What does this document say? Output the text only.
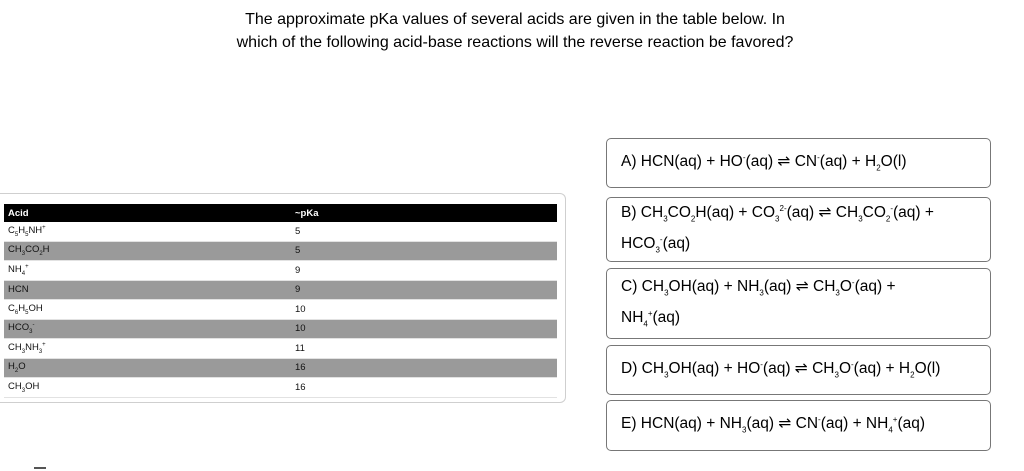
The approximate pKa values of several acids are given in the table below. In
which of the following acid-base reactions will the reverse reaction be favored?
Acid	~pKa
$C_5H_5NH^+$	5
$CH_3CO_2H$	5
$NH_4^+$	9
HCN	9
$C_6H_5OH$	10
$HCO_3^-$	10
$CH_3NH_3^+$	11
$H_2O$	16
$CH_3OH$	16
A) HCN(aq) + HO-(aq) ⇌ $CN^-(aq) + H_2O(l)$
B) $CH_3CO_2H(aq) + CO_3^{2-}(aq)$ ⇌ $CH_3CO_2^-(aq)$ +
$HCO_3^-(aq)$
C) $CH_3OH(aq) + NH_3(aq)$ ⇌ $CH_3O^-(aq)$ +
$NH_4^+(aq)$
D) $CH_3OH(aq) + HO^-(aq)$ ⇌ $CH_3O^-(aq) + H_2O(l)$
E) $HCN(aq) + NH_3(aq)$ ⇌ $CN^-(aq) + NH_4^+(aq)$
